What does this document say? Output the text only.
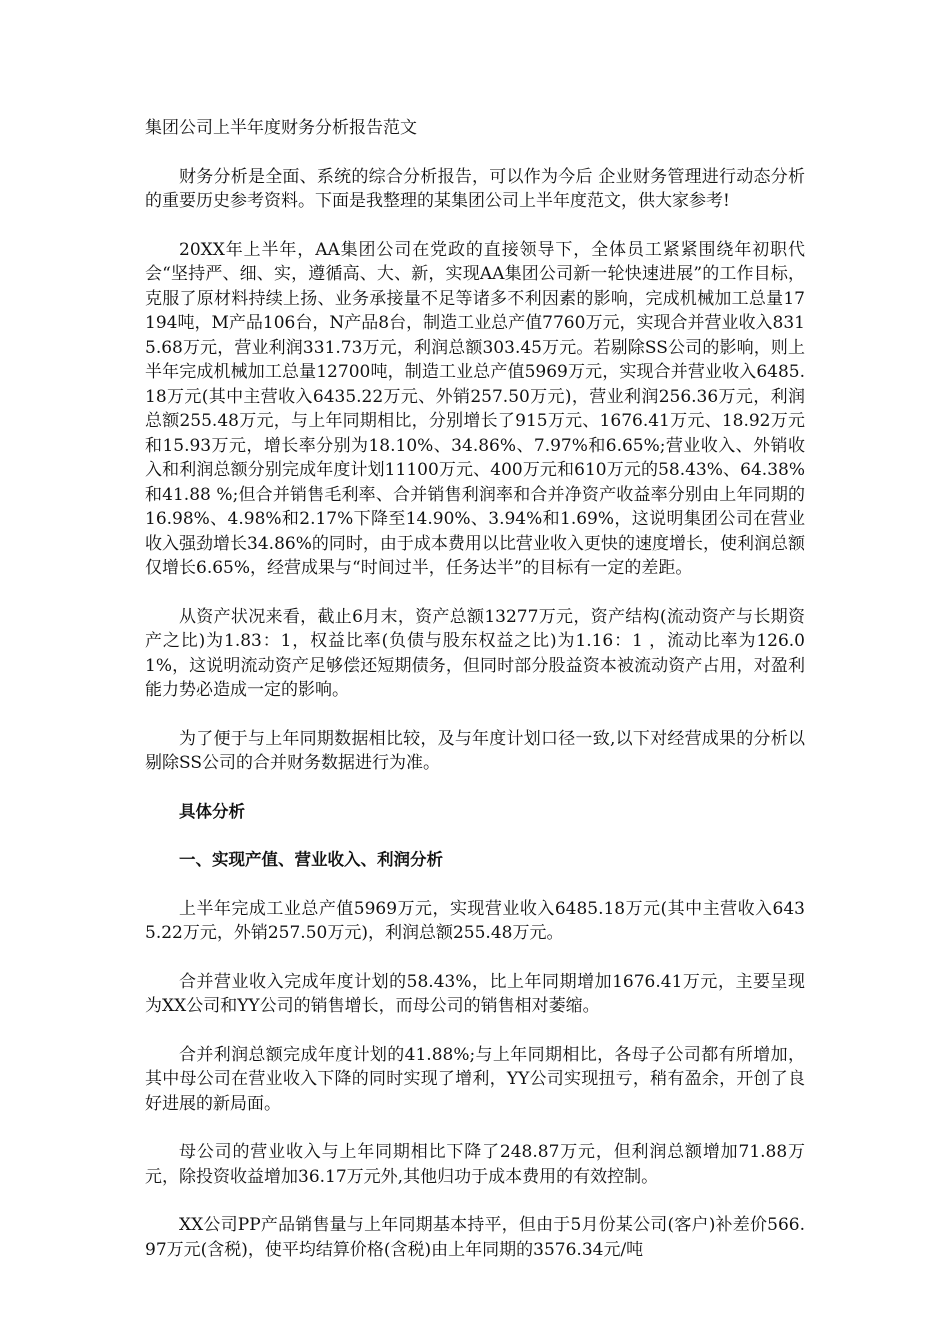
集团公司上半年度财务分析报告范文

财务分析是全面、系统的综合分析报告，可以作为今后 企业财务管理进行动态分析的重要历史参考资料。下面是我整理的某集团公司上半年度范文，供大家参考!

20XX年上半年，AA集团公司在党政的直接领导下，全体员工紧紧围绕年初职代会“坚持严、细、实，遵循高、大、新，实现AA集团公司新一轮快速进展”的工作目标，克服了原材料持续上扬、业务承接量不足等诸多不利因素的影响，完成机械加工总量17194吨，M产品106台，N产品8台，制造工业总产值7760万元，实现合并营业收入8315.68万元，营业利润331.73万元，利润总额303.45万元。若剔除SS公司的影响，则上半年完成机械加工总量12700吨，制造工业总产值5969万元，实现合并营业收入6485.18万元(其中主营收入6435.22万元、外销257.50万元)，营业利润256.36万元，利润总额255.48万元，与上年同期相比，分别增长了915万元、1676.41万元、18.92万元和15.93万元，增长率分别为18.10%、34.86%、7.97%和6.65%;营业收入、外销收入和利润总额分别完成年度计划11100万元、400万元和610万元的58.43%、64.38%和41.88 %;但合并销售毛利率、合并销售利润率和合并净资产收益率分别由上年同期的16.98%、4.98%和2.17%下降至14.90%、3.94%和1.69%，这说明集团公司在营业收入强劲增长34.86%的同时，由于成本费用以比营业收入更快的速度增长，使利润总额仅增长6.65%，经营成果与“时间过半，任务达半”的目标有一定的差距。

从资产状况来看，截止6月末，资产总额13277万元，资产结构(流动资产与长期资产之比)为1.83：1，权益比率(负债与股东权益之比)为1.16：1 ，流动比率为126.01%，这说明流动资产足够偿还短期债务，但同时部分股益资本被流动资产占用，对盈利能力势必造成一定的影响。

为了便于与上年同期数据相比较，及与年度计划口径一致,以下对经营成果的分析以剔除SS公司的合并财务数据进行为准。

具体分析
一、实现产值、营业收入、利润分析

上半年完成工业总产值5969万元，实现营业收入6485.18万元(其中主营收入6435.22万元，外销257.50万元)，利润总额255.48万元。

合并营业收入完成年度计划的58.43%，比上年同期增加1676.41万元，主要呈现为XX公司和YY公司的销售增长，而母公司的销售相对萎缩。

合并利润总额完成年度计划的41.88%;与上年同期相比，各母子公司都有所增加，其中母公司在营业收入下降的同时实现了增利，YY公司实现扭亏，稍有盈余，开创了良好进展的新局面。

母公司的营业收入与上年同期相比下降了248.87万元，但利润总额增加71.88万元，除投资收益增加36.17万元外,其他归功于成本费用的有效控制。

XX公司PP产品销售量与上年同期基本持平，但由于5月份某公司(客户)补差价566.97万元(含税)，使平均结算价格(含税)由上年同期的3576.34元/吨
